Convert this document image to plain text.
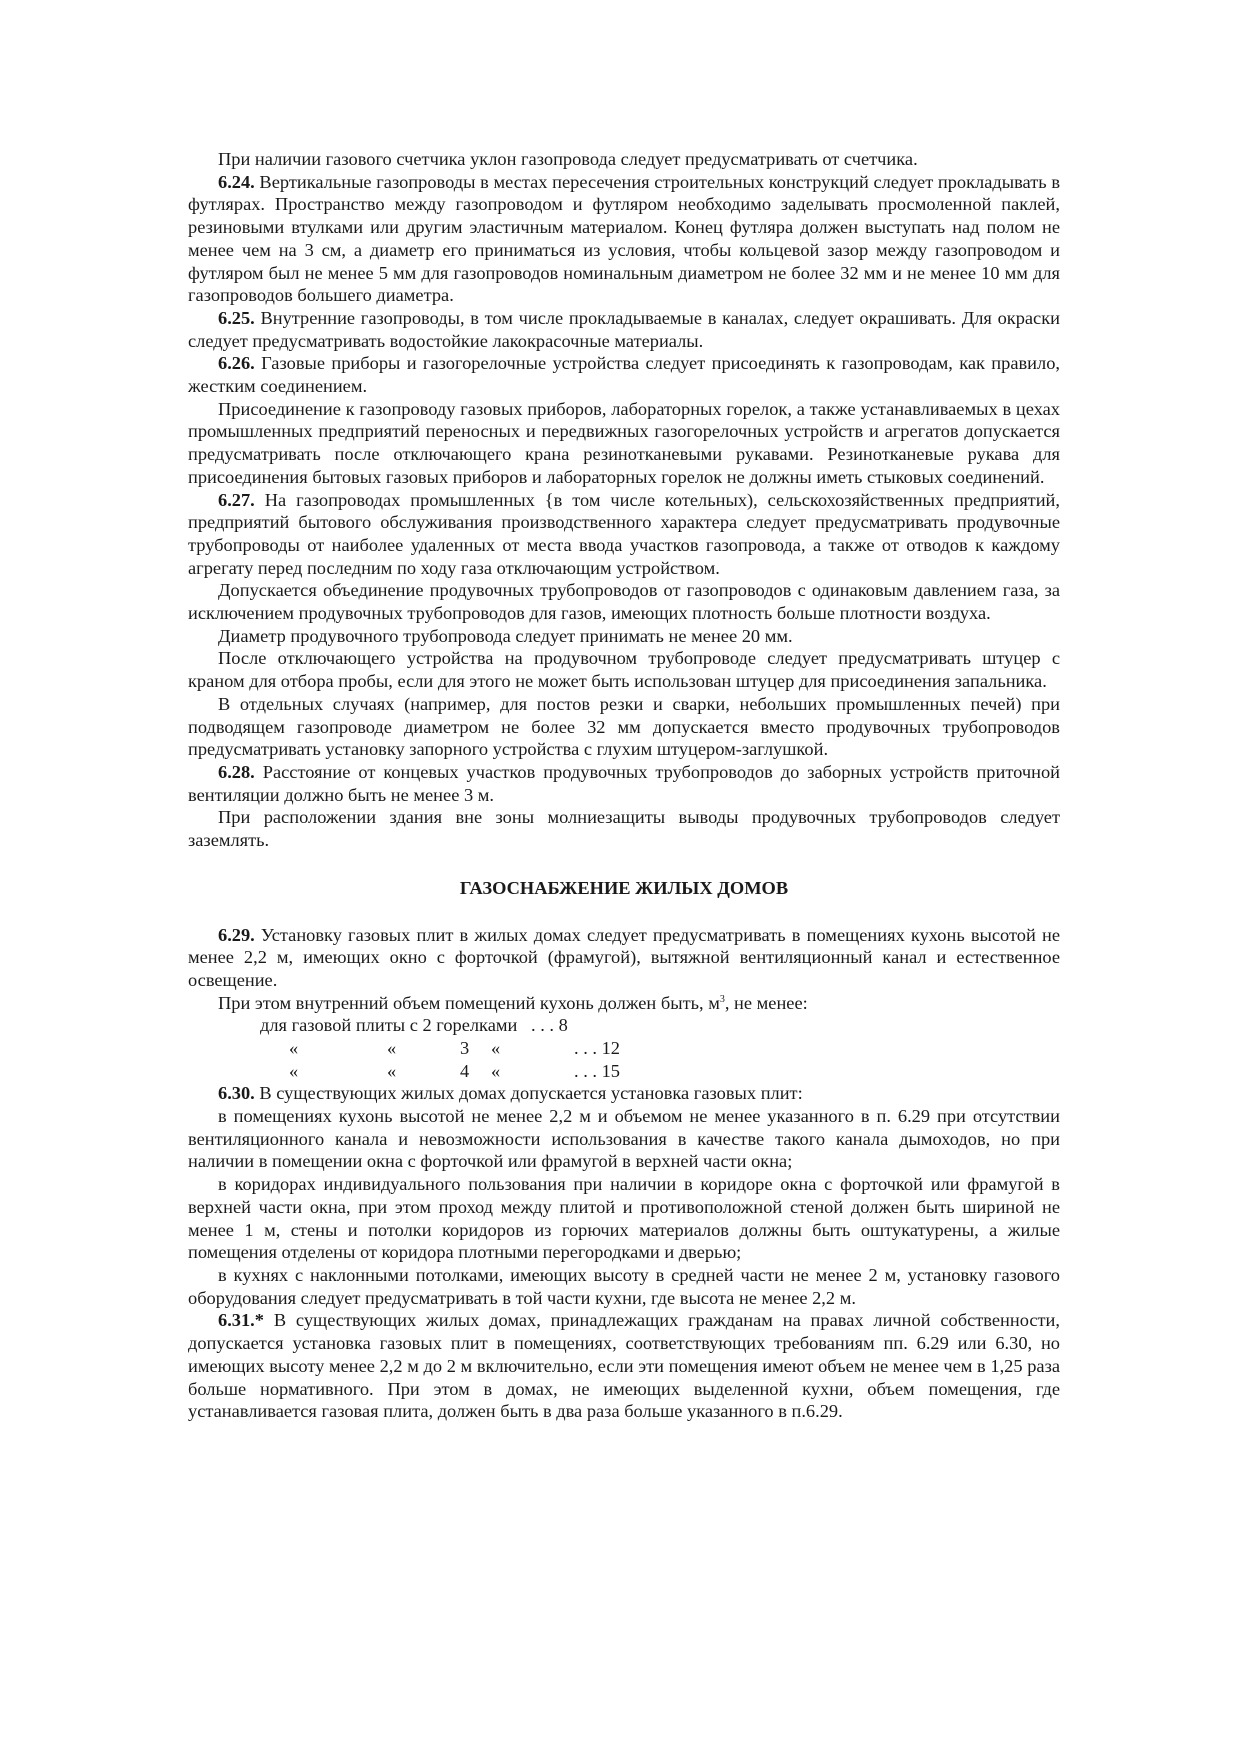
При наличии газового счетчика уклон газопровода следует предусматривать от счетчика.

6.24. Вертикальные газопроводы в местах пересечения строительных конструкций следует прокладывать в футлярах. Пространство между газопроводом и футляром необходимо заделывать просмоленной паклей, резиновыми втулками или другим эластичным материалом. Конец футляра должен выступать над полом не менее чем на 3 см, а диаметр его приниматься из условия, чтобы кольцевой зазор между газопроводом и футляром был не менее 5 мм для газопроводов номинальным диаметром не более 32 мм и не менее 10 мм для газопроводов большего диаметра.

6.25. Внутренние газопроводы, в том числе прокладываемые в каналах, следует окрашивать. Для окраски следует предусматривать водостойкие лакокрасочные материалы.

6.26. Газовые приборы и газогорелочные устройства следует присоединять к газопроводам, как правило, жестким соединением.

Присоединение к газопроводу газовых приборов, лабораторных горелок, а также устанавливаемых в цехах промышленных предприятий переносных и передвижных газогорелочных устройств и агрегатов допускается предусматривать после отключающего крана резинотканевыми рукавами. Резинотканевые рукава для присоединения бытовых газовых приборов и лабораторных горелок не должны иметь стыковых соединений.

6.27. На газопроводах промышленных {в том числе котельных), сельскохозяйственных предприятий, предприятий бытового обслуживания производственного характера следует предусматривать продувочные трубопроводы от наиболее удаленных от места ввода участков газопровода, а также от отводов к каждому агрегату перед последним по ходу газа отключающим устройством.

Допускается объединение продувочных трубопроводов от газопроводов с одинаковым давлением газа, за исключением продувочных трубопроводов для газов, имеющих плотность больше плотности воздуха.

Диаметр продувочного трубопровода следует принимать не менее 20 мм.

После отключающего устройства на продувочном трубопроводе следует предусматривать штуцер с краном для отбора пробы, если для этого не может быть использован штуцер для присоединения запальника.

В отдельных случаях (например, для постов резки и сварки, небольших промышленных печей) при подводящем газопроводе диаметром не более 32 мм допускается вместо продувочных трубопроводов предусматривать установку запорного устройства с глухим штуцером-заглушкой.

6.28. Расстояние от концевых участков продувочных трубопроводов до заборных устройств приточной вентиляции должно быть не менее 3 м.

При расположении здания вне зоны молниезащиты выводы продувочных трубопроводов следует заземлять.

ГАЗОСНАБЖЕНИЕ ЖИЛЫХ ДОМОВ

6.29. Установку газовых плит в жилых домах следует предусматривать в помещениях кухонь высотой не менее 2,2 м, имеющих окно с форточкой (фрамугой), вытяжной вентиляционный канал и естественное освещение.

При этом внутренний объем помещений кухонь должен быть, $м^3$, не менее:

для газовой плиты с 2 горелками . . . 8
«	«	3 «	. . . 12
«	«	4 «	. . . 15

6.30. В существующих жилых домах допускается установка газовых плит:

в помещениях кухонь высотой не менее 2,2 м и объемом не менее указанного в п. 6.29 при отсутствии вентиляционного канала и невозможности использования в качестве такого канала дымоходов, но при наличии в помещении окна с форточкой или фрамугой в верхней части окна;

в коридорах индивидуального пользования при наличии в коридоре окна с форточкой или фрамугой в верхней части окна, при этом проход между плитой и противоположной стеной должен быть шириной не менее 1 м, стены и потолки коридоров из горючих материалов должны быть оштукатурены, а жилые помещения отделены от коридора плотными перегородками и дверью;

в кухнях с наклонными потолками, имеющих высоту в средней части не менее 2 м, установку газового оборудования следует предусматривать в той части кухни, где высота не менее 2,2 м.

6.31.* В существующих жилых домах, принадлежащих гражданам на правах личной собственности, допускается установка газовых плит в помещениях, соответствующих требованиям пп. 6.29 или 6.30, но имеющих высоту менее 2,2 м до 2 м включительно, если эти помещения имеют объем не менее чем в 1,25 раза больше нормативного. При этом в домах, не имеющих выделенной кухни, объем помещения, где устанавливается газовая плита, должен быть в два раза больше указанного в п.6.29.
